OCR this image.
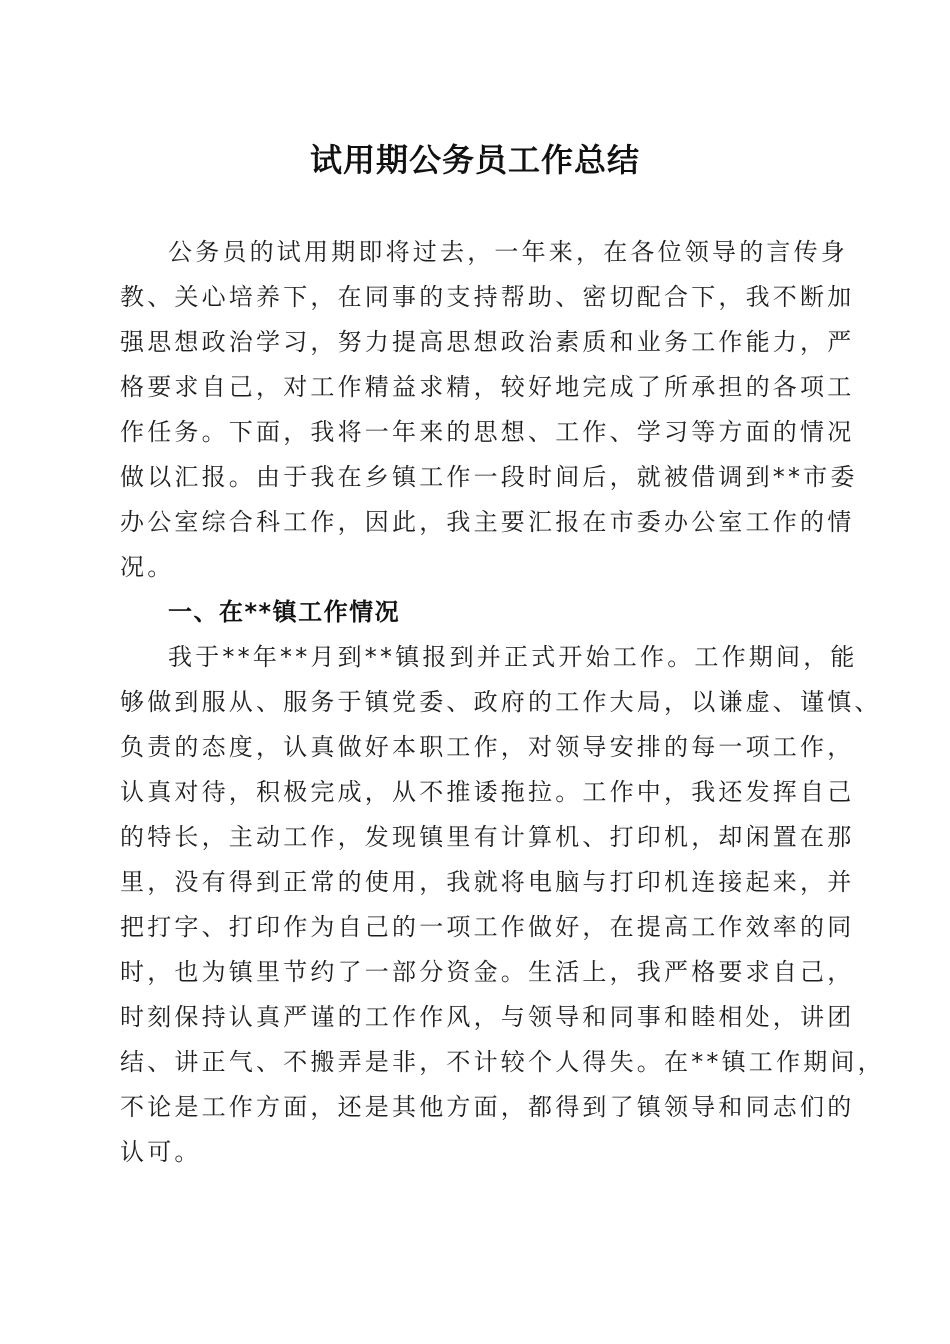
试用期公务员工作总结
公务员的试用期即将过去，一年来，在各位领导的言传身
教、关心培养下，在同事的支持帮助、密切配合下，我不断加
强思想政治学习，努力提高思想政治素质和业务工作能力，严
格要求自己，对工作精益求精，较好地完成了所承担的各项工
作任务。下面，我将一年来的思想、工作、学习等方面的情况
做以汇报。由于我在乡镇工作一段时间后，就被借调到**市委
办公室综合科工作，因此，我主要汇报在市委办公室工作的情
况。
一、在**镇工作情况
我于**年**月到**镇报到并正式开始工作。工作期间，能
够做到服从、服务于镇党委、政府的工作大局，以谦虚、谨慎、
负责的态度，认真做好本职工作，对领导安排的每一项工作，
认真对待，积极完成，从不推诿拖拉。工作中，我还发挥自己
的特长，主动工作，发现镇里有计算机、打印机，却闲置在那
里，没有得到正常的使用，我就将电脑与打印机连接起来，并
把打字、打印作为自己的一项工作做好，在提高工作效率的同
时，也为镇里节约了一部分资金。生活上，我严格要求自己，
时刻保持认真严谨的工作作风，与领导和同事和睦相处，讲团
结、讲正气、不搬弄是非，不计较个人得失。在**镇工作期间，
不论是工作方面，还是其他方面，都得到了镇领导和同志们的
认可。
